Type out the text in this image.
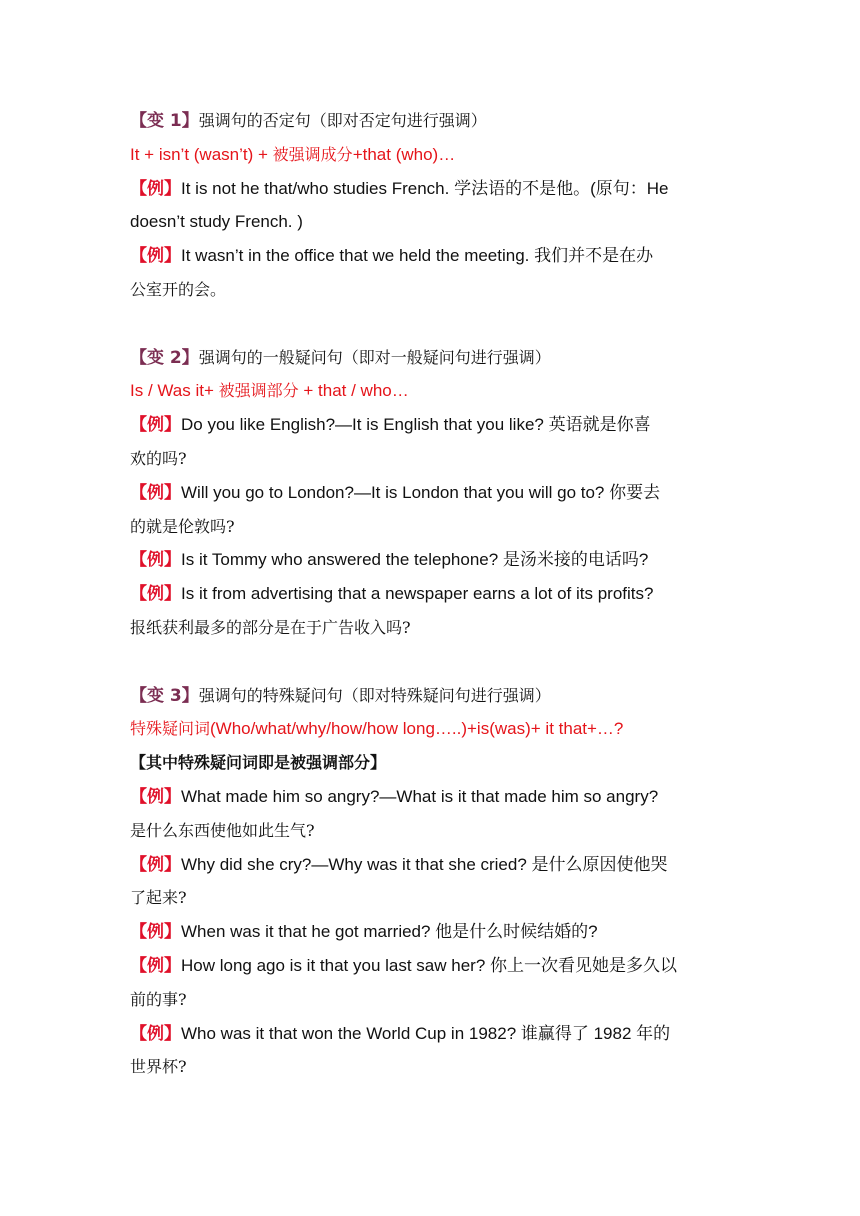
【变 1】强调句的否定句（即对否定句进行强调）
It + isn’t (wasn’t) + 被强调成分+that (who)…
【例】It is not he that/who studies French. 学法语的不是他。(原句：He
doesn’t study French. )
【例】It wasn’t in the office that we held the meeting. 我们并不是在办
公室开的会。
【变 2】强调句的一般疑问句（即对一般疑问句进行强调）
Is / Was it+ 被强调部分 + that / who…
【例】Do you like English?—It is English that you like? 英语就是你喜
欢的吗?
【例】Will you go to London?—It is London that you will go to? 你要去
的就是伦敦吗?
【例】Is it Tommy who answered the telephone? 是汤米接的电话吗?
【例】Is it from advertising that a newspaper earns a lot of its profits?
报纸获利最多的部分是在于广告收入吗?
【变 3】强调句的特殊疑问句（即对特殊疑问句进行强调）
特殊疑问词(Who/what/why/how/how long…..)+is(was)+ it that+…?
【其中特殊疑问词即是被强调部分】
【例】What made him so angry?—What is it that made him so angry?
是什么东西使他如此生气?
【例】Why did she cry?—Why was it that she cried? 是什么原因使他哭
了起来?
【例】When was it that he got married? 他是什么时候结婚的?
【例】How long ago is it that you last saw her? 你上一次看见她是多久以
前的事?
【例】Who was it that won the World Cup in 1982? 谁赢得了 1982 年的
世界杯?
